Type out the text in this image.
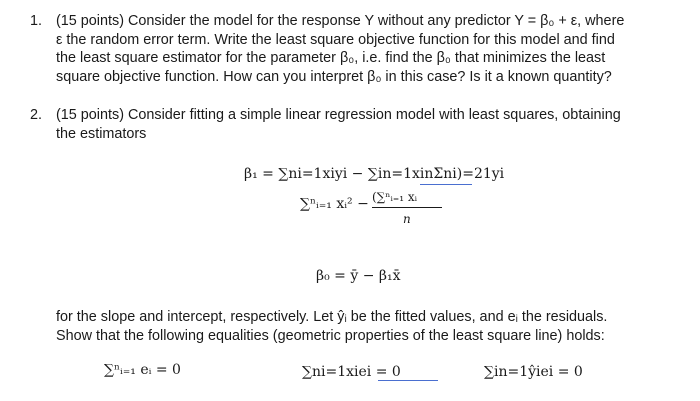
1. (15 points) Consider the model for the response Y without any predictor Y = β₀ + ε, where
ε the random error term. Write the least square objective function for this model and find
the least square estimator for the parameter β₀, i.e. find the β₀ that minimizes the least
square objective function. How can you interpret β₀ in this case? Is it a known quantity?
2. (15 points) Consider fitting a simple linear regression model with least squares, obtaining
the estimators
β₁ = ∑ni=1xiyi − ∑in=1xinΣni)=21yi
∑ⁿᵢ₌₁ xᵢ² − (∑ⁿᵢ₌₁ xᵢ
n
β₀ = ȳ − β₁x̄
for the slope and intercept, respectively. Let ŷᵢ be the fitted values, and eᵢ the residuals.
Show that the following equalities (geometric properties of the least square line) holds:
∑ⁿᵢ₌₁ eᵢ = 0	∑ni=1xiei = 0	∑in=1ŷiei = 0
